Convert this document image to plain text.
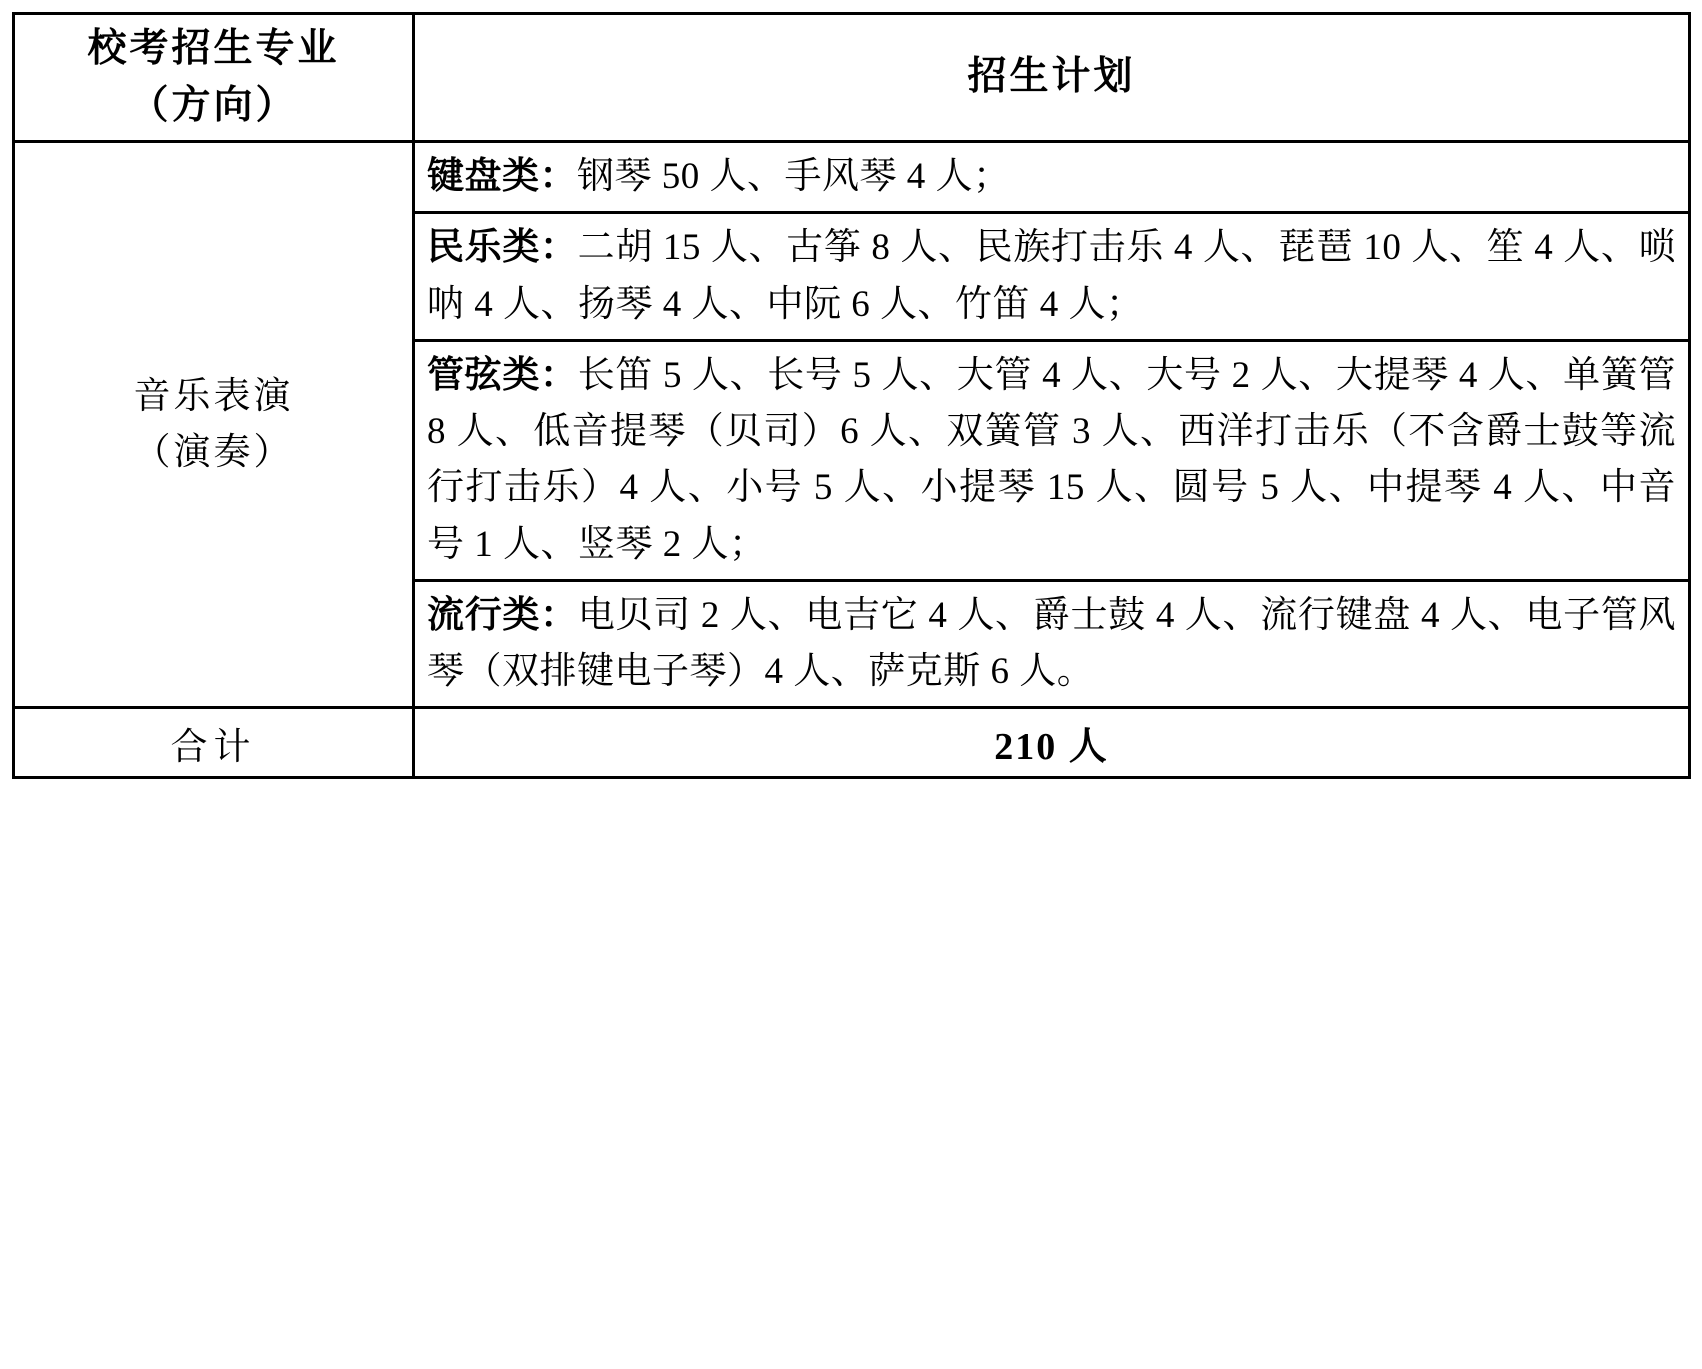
校考招生专业
（方向）	招生计划

音乐表演
（演奏）	键盘类：钢琴 50 人、手风琴 4 人；
	民乐类：二胡 15 人、古筝 8 人、民族打击乐 4 人、琵琶 10 人、笙 4 人、唢呐 4 人、扬琴 4 人、中阮 6 人、竹笛 4 人；
	管弦类：长笛 5 人、长号 5 人、大管 4 人、大号 2 人、大提琴 4 人、单簧管 8 人、低音提琴（贝司）6 人、双簧管 3 人、西洋打击乐（不含爵士鼓等流行打击乐）4 人、小号 5 人、小提琴 15 人、圆号 5 人、中提琴 4 人、中音号 1 人、竖琴 2 人；
	流行类：电贝司 2 人、电吉它 4 人、爵士鼓 4 人、流行键盘 4 人、电子管风琴（双排键电子琴）4 人、萨克斯 6 人。
合计	210 人
